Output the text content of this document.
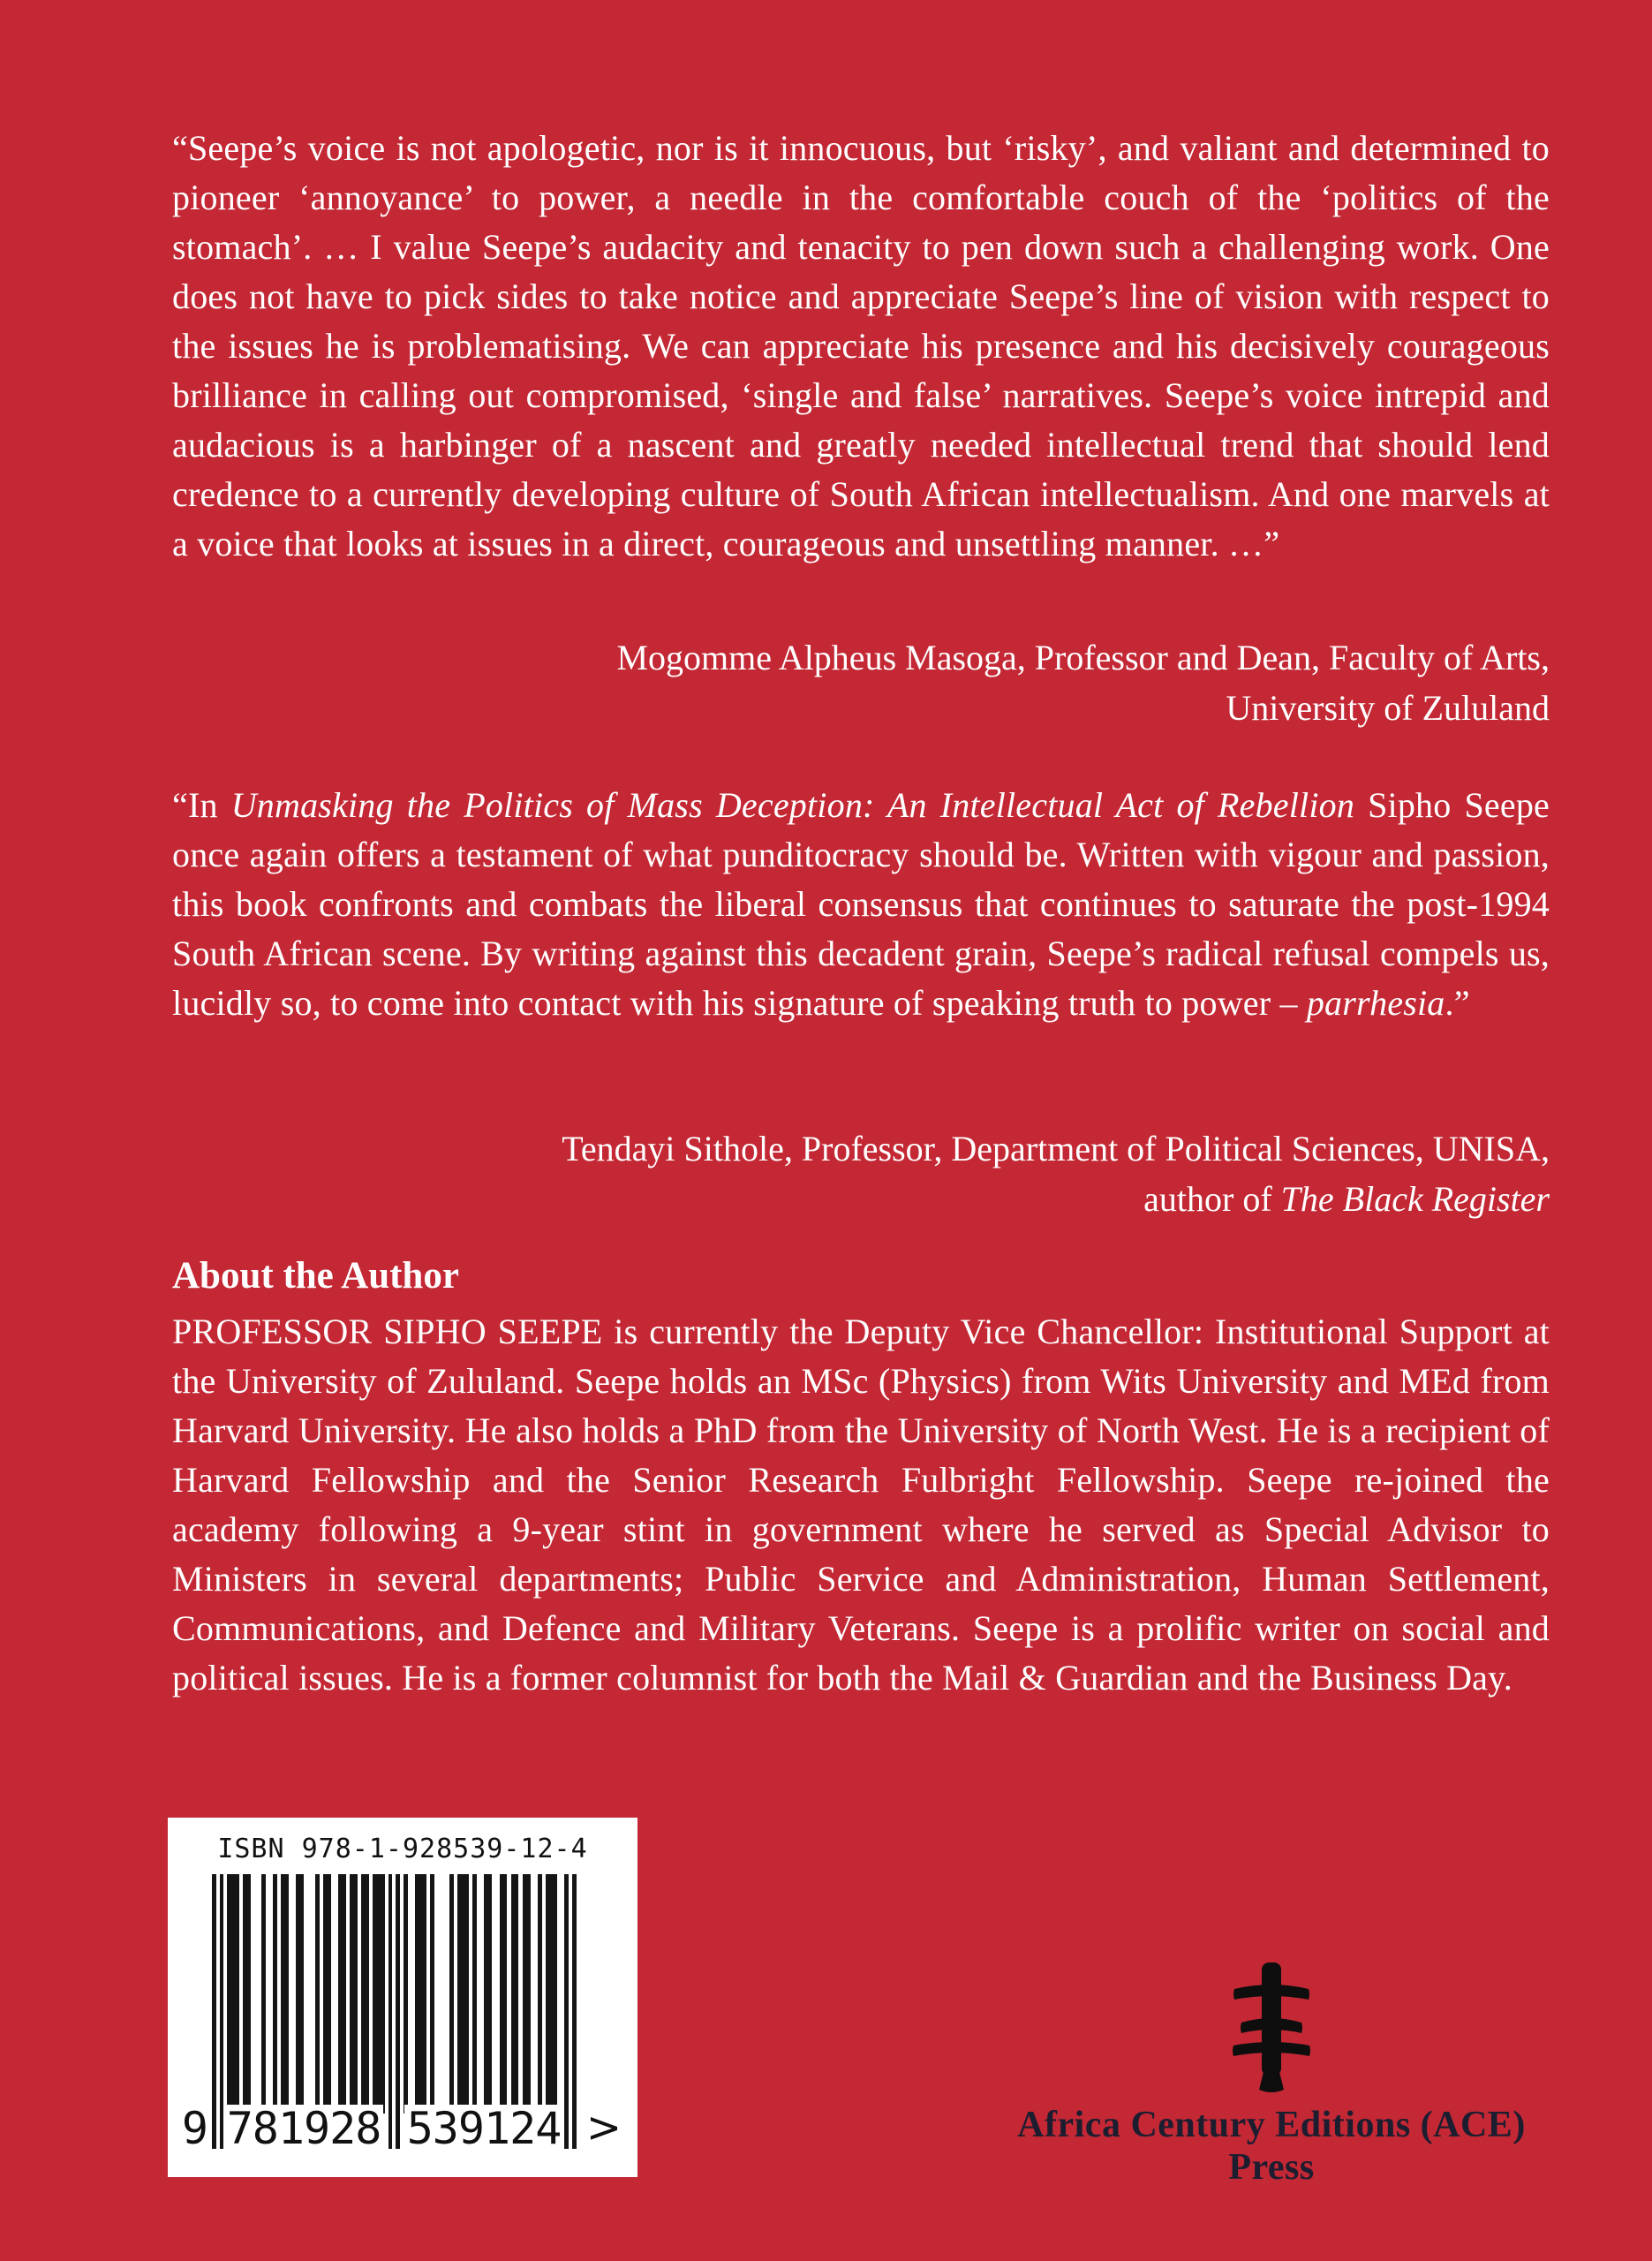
“Seepe’s voice is not apologetic, nor is it innocuous, but ‘risky’, and valiant and determined to pioneer ‘annoyance’ to power, a needle in the comfortable couch of the ‘politics of the stomach’. … I value Seepe’s audacity and tenacity to pen down such a challenging work. One does not have to pick sides to take notice and appreciate Seepe’s line of vision with respect to the issues he is problematising. We can appreciate his presence and his decisively courageous brilliance in calling out compromised, ‘single and false’ narratives. Seepe’s voice intrepid and audacious is a harbinger of a nascent and greatly needed intellectual trend that should lend credence to a currently developing culture of South African intellectualism. And one marvels at a voice that looks at issues in a direct, courageous and unsettling manner. …”
Mogomme Alpheus Masoga, Professor and Dean, Faculty of Arts,
University of Zululand
“In Unmasking the Politics of Mass Deception: An Intellectual Act of Rebellion Sipho Seepe once again offers a testament of what punditocracy should be. Written with vigour and passion, this book confronts and combats the liberal consensus that continues to saturate the post-1994 South African scene. By writing against this decadent grain, Seepe’s radical refusal compels us, lucidly so, to come into contact with his signature of speaking truth to power – parrhesia.”
Tendayi Sithole, Professor, Department of Political Sciences, UNISA,
author of The Black Register
About the Author
PROFESSOR SIPHO SEEPE is currently the Deputy Vice Chancellor: Institutional Support at the University of Zululand. Seepe holds an MSc (Physics) from Wits University and MEd from Harvard University. He also holds a PhD from the University of North West. He is a recipient of Harvard Fellowship and the Senior Research Fulbright Fellowship. Seepe re-joined the academy following a 9-year stint in government where he served as Special Advisor to Ministers in several departments; Public Service and Administration, Human Settlement, Communications, and Defence and Military Veterans. Seepe is a prolific writer on social and political issues. He is a former columnist for both the Mail & Guardian and the Business Day.
ISBN 978-1-928539-12-4
9 781928 539124 >	Africa Century Editions (ACE) Press
